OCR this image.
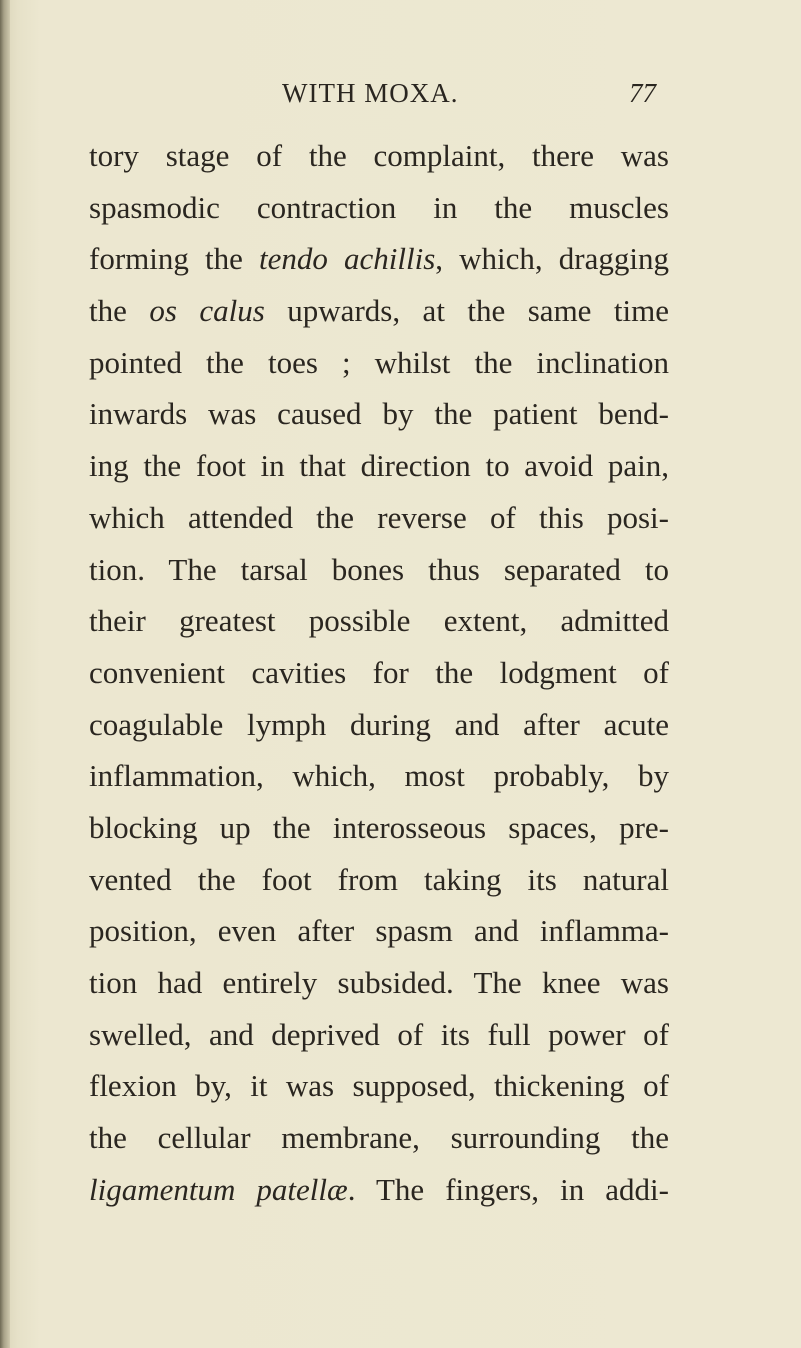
WITH MOXA.	77
tory stage of the complaint, there was
spasmodic contraction in the muscles
forming the tendo achillis, which, dragging
the os calus upwards, at the same time
pointed the toes ; whilst the inclination
inwards was caused by the patient bend-
ing the foot in that direction to avoid pain,
which attended the reverse of this posi-
tion. The tarsal bones thus separated to
their greatest possible extent, admitted
convenient cavities for the lodgment of
coagulable lymph during and after acute
inflammation, which, most probably, by
blocking up the interosseous spaces, pre-
vented the foot from taking its natural
position, even after spasm and inflamma-
tion had entirely subsided. The knee was
swelled, and deprived of its full power of
flexion by, it was supposed, thickening of
the cellular membrane, surrounding the
ligamentum patellæ. The fingers, in addi-
